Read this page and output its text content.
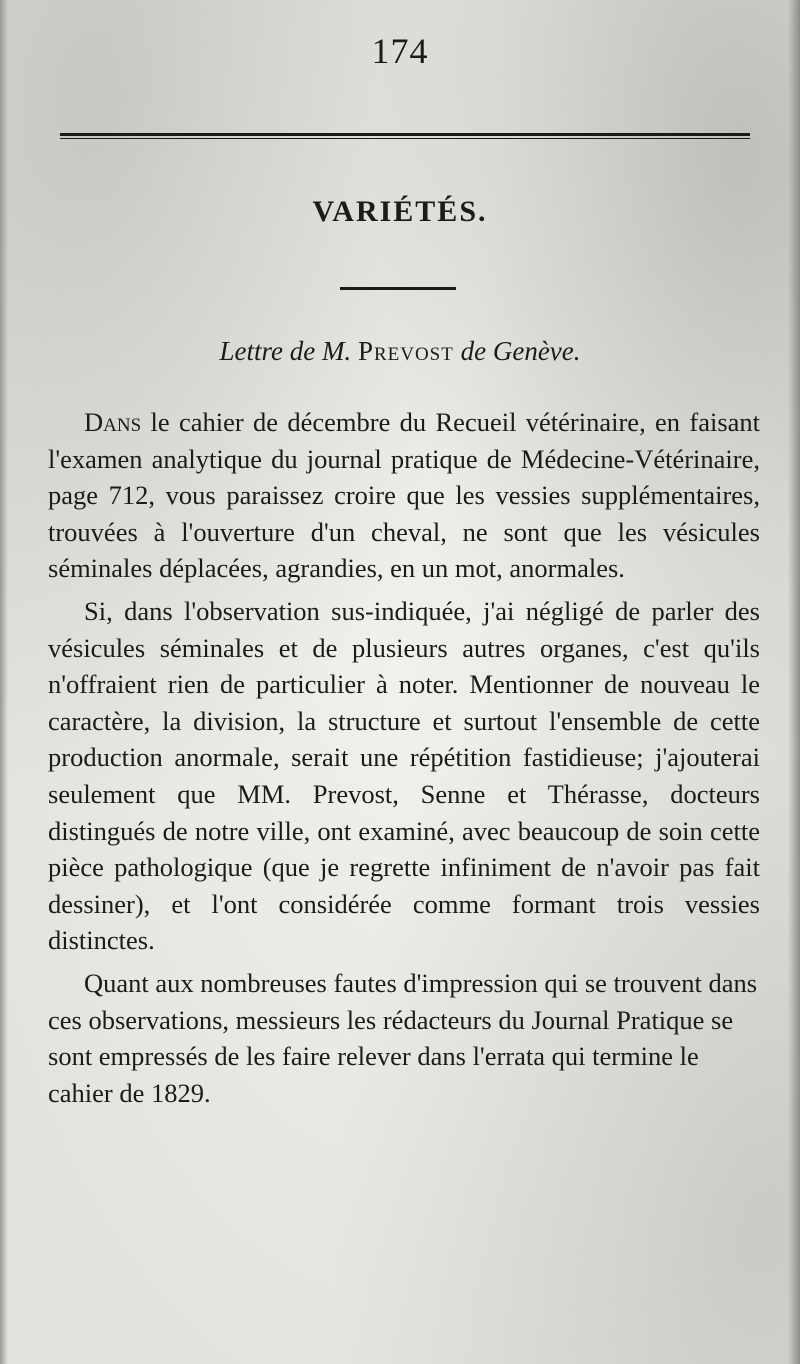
174
VARIÉTÉS.
Lettre de M. Prevost de Genève.

Dans le cahier de décembre du Recueil vétérinaire, en faisant l'examen analytique du journal pratique de Médecine-Vétérinaire, page 712, vous paraissez croire que les vessies supplémentaires, trouvées à l'ouverture d'un cheval, ne sont que les vésicules séminales déplacées, agrandies, en un mot, anormales.

Si, dans l'observation sus-indiquée, j'ai négligé de parler des vésicules séminales et de plusieurs autres organes, c'est qu'ils n'offraient rien de particulier à noter. Mentionner de nouveau le caractère, la division, la structure et surtout l'ensemble de cette production anormale, serait une répétition fastidieuse; j'ajouterai seulement que MM. Prevost, Senne et Thérasse, docteurs distingués de notre ville, ont examiné, avec beaucoup de soin cette pièce pathologique (que je regrette infiniment de n'avoir pas fait dessiner), et l'ont considérée comme formant trois vessies distinctes.

Quant aux nombreuses fautes d'impression qui se trouvent dans ces observations, messieurs les rédacteurs du Journal Pratique se sont empressés de les faire relever dans l'errata qui termine le cahier de 1829.
